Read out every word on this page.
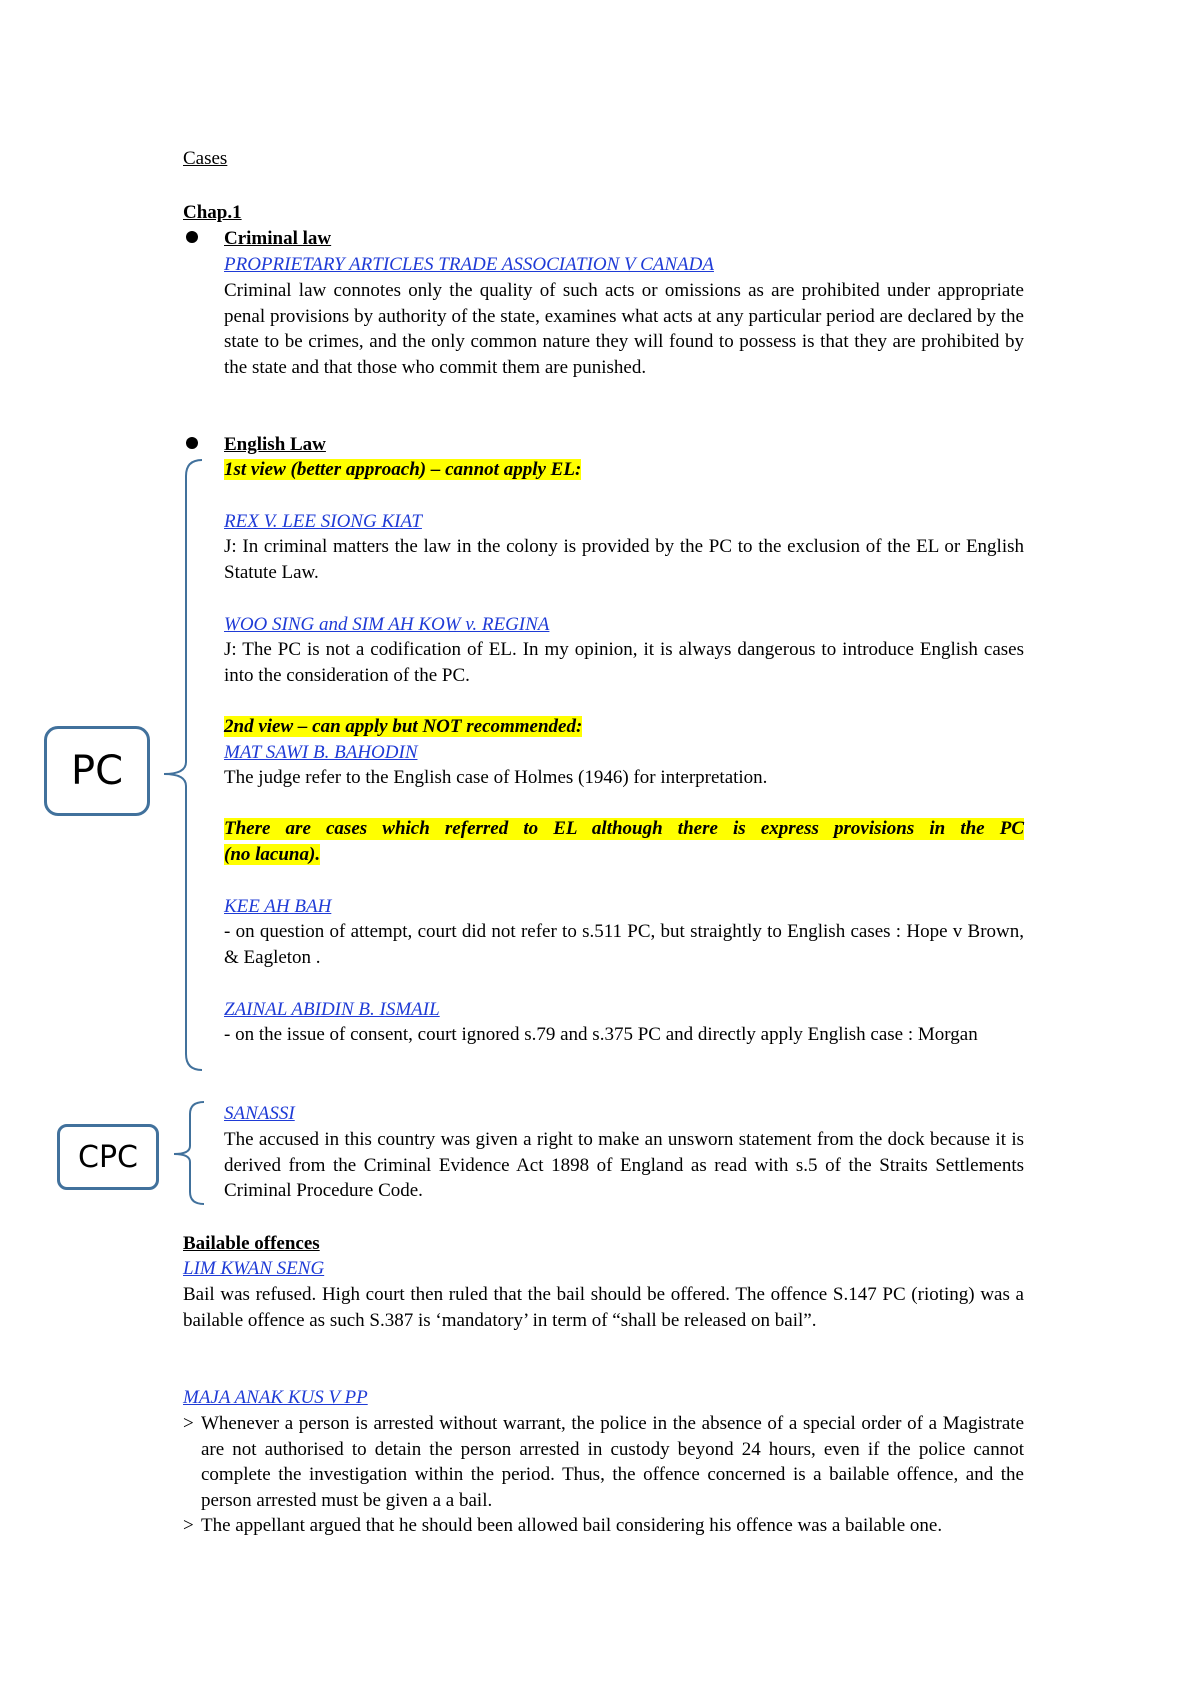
Cases
Chap.1
Criminal law
PROPRIETARY ARTICLES TRADE ASSOCIATION V CANADA
Criminal law connotes only the quality of such acts or omissions as are prohibited under appropriate penal provisions by authority of the state, examines what acts at any particular period are declared by the state to be crimes, and the only common nature they will found to possess is that they are prohibited by the state and that those who commit them are punished.
English Law
1st view (better approach) – cannot apply EL:
REX V. LEE SIONG KIAT
J: In criminal matters the law in the colony is provided by the PC to the exclusion of the EL or English Statute Law.
WOO SING and SIM AH KOW v. REGINA
J: The PC is not a codification of EL. In my opinion, it is always dangerous to introduce English cases into the consideration of the PC.
2nd view – can apply but NOT recommended:
MAT SAWI B. BAHODIN
The judge refer to the English case of Holmes (1946) for interpretation.
There are cases which referred to EL although there is express provisions in the PC
(no lacuna).
KEE AH BAH
- on question of attempt, court did not refer to s.511 PC, but straightly to English cases : Hope v Brown, & Eagleton .
ZAINAL ABIDIN B. ISMAIL
- on the issue of consent, court ignored s.79 and s.375 PC and directly apply English case : Morgan
PC
SANASSI
The accused in this country was given a right to make an unsworn statement from the dock because it is derived from the Criminal Evidence Act 1898 of England as read with s.5 of the Straits Settlements Criminal Procedure Code.
CPC
Bailable offences
LIM KWAN SENG
Bail was refused. High court then ruled that the bail should be offered. The offence S.147 PC (rioting) was a bailable offence as such S.387 is ‘mandatory’ in term of “shall be released on bail”.
MAJA ANAK KUS V PP
> Whenever a person is arrested without warrant, the police in the absence of a special order of a Magistrate are not authorised to detain the person arrested in custody beyond 24 hours, even if the police cannot complete the investigation within the period. Thus, the offence concerned is a bailable offence, and the person arrested must be given a a bail.
> The appellant argued that he should been allowed bail considering his offence was a bailable one.
